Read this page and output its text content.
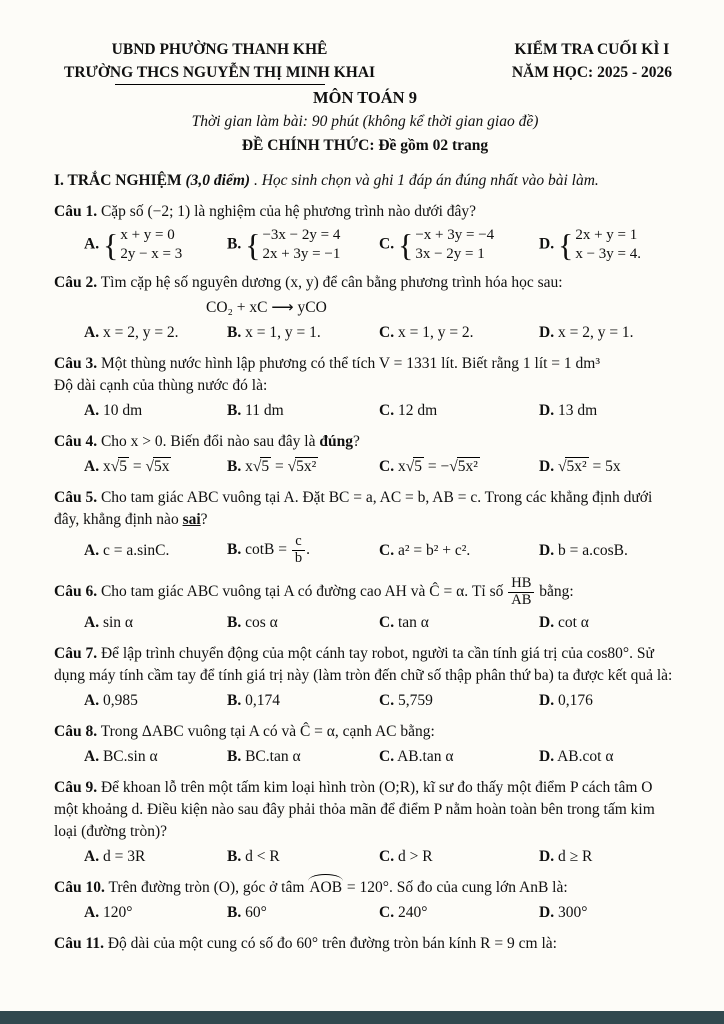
UBND PHƯỜNG THANH KHÊ
TRƯỜNG THCS NGUYỄN THỊ MINH KHAI
KIỂM TRA CUỐI KÌ I
NĂM HỌC: 2025 - 2026
MÔN TOÁN 9
Thời gian làm bài: 90 phút (không kể thời gian giao đề)
ĐỀ CHÍNH THỨC: Đề gồm 02 trang
I. TRẮC NGHIỆM (3,0 điểm) . Học sinh chọn và ghi 1 đáp án đúng nhất vào bài làm.
Câu 1. Cặp số (−2; 1) là nghiệm của hệ phương trình nào dưới đây?
A. { x + y = 0
2y − x = 3
B. { −3x − 2y = 4
2x + 3y = −1
C. { −x + 3y = −4
3x − 2y = 1
D. { 2x + y = 1
x − 3y = 4.
Câu 2. Tìm cặp hệ số nguyên dương (x, y) để cân bằng phương trình hóa học sau:
CO₂ + xC ⟶ yCO
A. x = 2, y = 2.	B. x = 1, y = 1.	C. x = 1, y = 2.	D. x = 2, y = 1.
Câu 3. Một thùng nước hình lập phương có thể tích V = 1331 lít. Biết rằng 1 lít = 1 dm³
Độ dài cạnh của thùng nước đó là:
A. 10 dm	B. 11 dm	C. 12 dm	D. 13 dm
Câu 4. Cho x > 0. Biến đổi nào sau đây là đúng?
A. x√5 = √5x	B. x√5 = √5x²	C. x√5 = −√5x²	D. √5x² = 5x
Câu 5. Cho tam giác ABC vuông tại A. Đặt BC = a, AC = b, AB = c. Trong các khẳng định dưới đây, khẳng định nào sai?
A. c = a.sinC.	B. $\cot B = \frac{c}{b}$ .	C. a² = b² + c².	D. b = a.cosB.
Câu 6. Cho tam giác ABC vuông tại A có đường cao AH và Ĉ = α. Tỉ số $\frac{HB}{AB}$ bằng:
A. sin α	B. cos α	C. tan α	D. cot α
Câu 7. Để lập trình chuyển động của một cánh tay robot, người ta cần tính giá trị của cos80°. Sử dụng máy tính cầm tay để tính giá trị này (làm tròn đến chữ số thập phân thứ ba) ta được kết quả là:
A. 0,985	B. 0,174	C. 5,759	D. 0,176
Câu 8. Trong ΔABC vuông tại A có và Ĉ = α, cạnh AC bằng:
A. BC.sin α	B. BC.tan α	C. AB.tan α	D. AB.cot α
Câu 9. Để khoan lỗ trên một tấm kim loại hình tròn (O;R), kĩ sư đo thấy một điểm P cách tâm O một khoảng d. Điều kiện nào sau đây phải thỏa mãn để điểm P nằm hoàn toàn bên trong tấm kim loại (đường tròn)?
A. d = 3R	B. d < R	C. d > R	D. d ≥ R
Câu 10. Trên đường tròn (O), góc ở tâm AOB = 120°. Số đo của cung lớn AnB là:
A. 120°	B. 60°	C. 240°	D. 300°
Câu 11. Độ dài của một cung có số đo 60° trên đường tròn bán kính R = 9 cm là:
